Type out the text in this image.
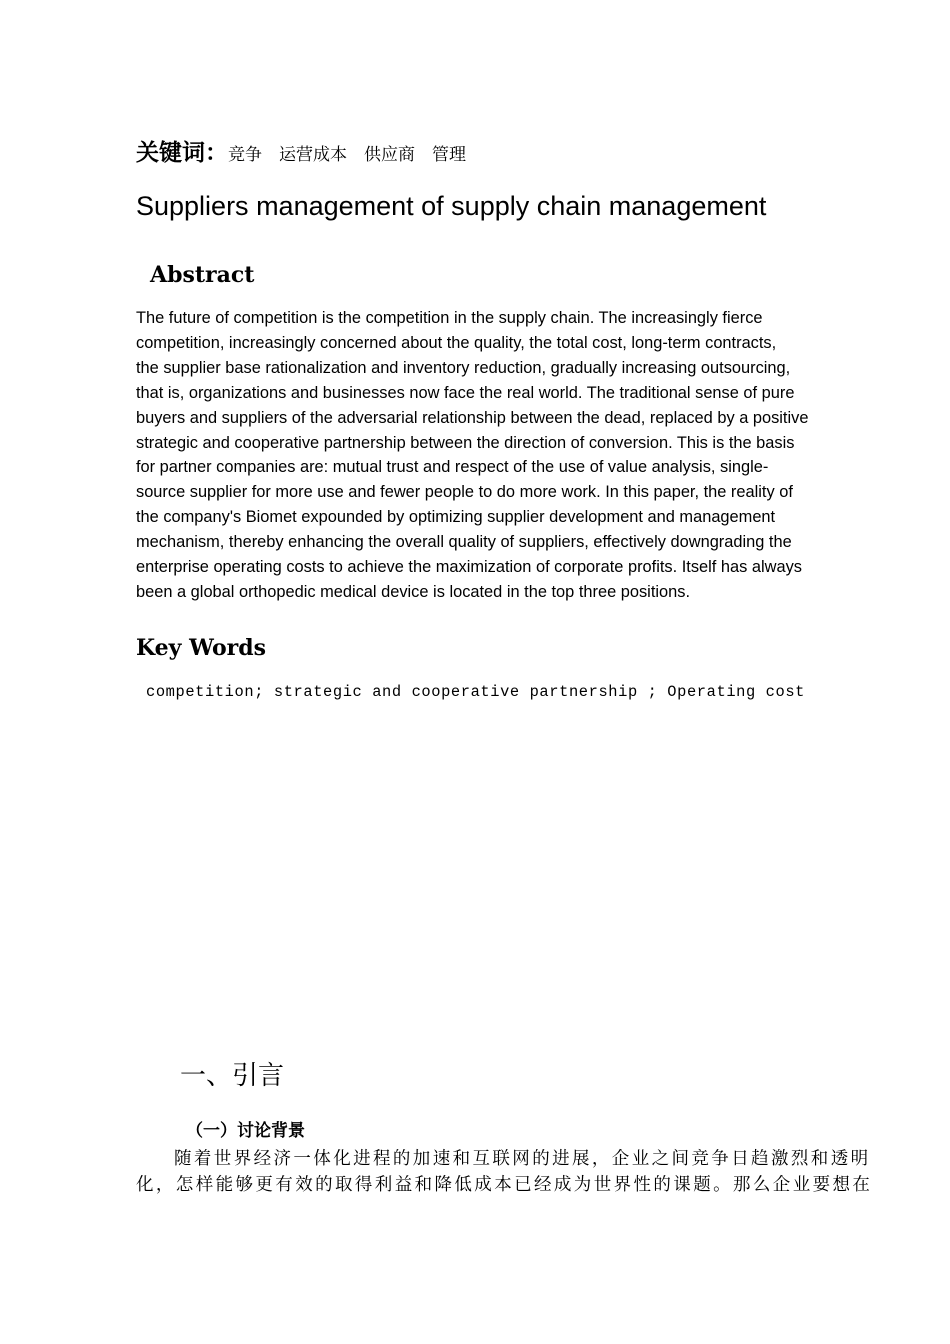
关键词：竞争 运营成本 供应商 管理
Suppliers management of supply chain management
Abstract
The future of competition is the competition in the supply chain. The increasingly fierce
competition, increasingly concerned about the quality, the total cost, long-term contracts,
the supplier base rationalization and inventory reduction, gradually increasing outsourcing,
that is, organizations and businesses now face the real world. The traditional sense of pure
buyers and suppliers of the adversarial relationship between the dead, replaced by a positive
strategic and cooperative partnership between the direction of conversion. This is the basis
for partner companies are: mutual trust and respect of the use of value analysis, single-
source supplier for more use and fewer people to do more work. In this paper, the reality of
the company's Biomet expounded by optimizing supplier development and management
mechanism, thereby enhancing the overall quality of suppliers, effectively downgrading the
enterprise operating costs to achieve the maximization of corporate profits. Itself has always
been a global orthopedic medical device is located in the top three positions.
Key Words
competition; strategic and cooperative partnership ; Operating cost
一、引言
（一）讨论背景
随着世界经济一体化进程的加速和互联网的进展，企业之间竞争日趋激烈和透明
化，怎样能够更有效的取得利益和降低成本已经成为世界性的课题。那么企业要想在
